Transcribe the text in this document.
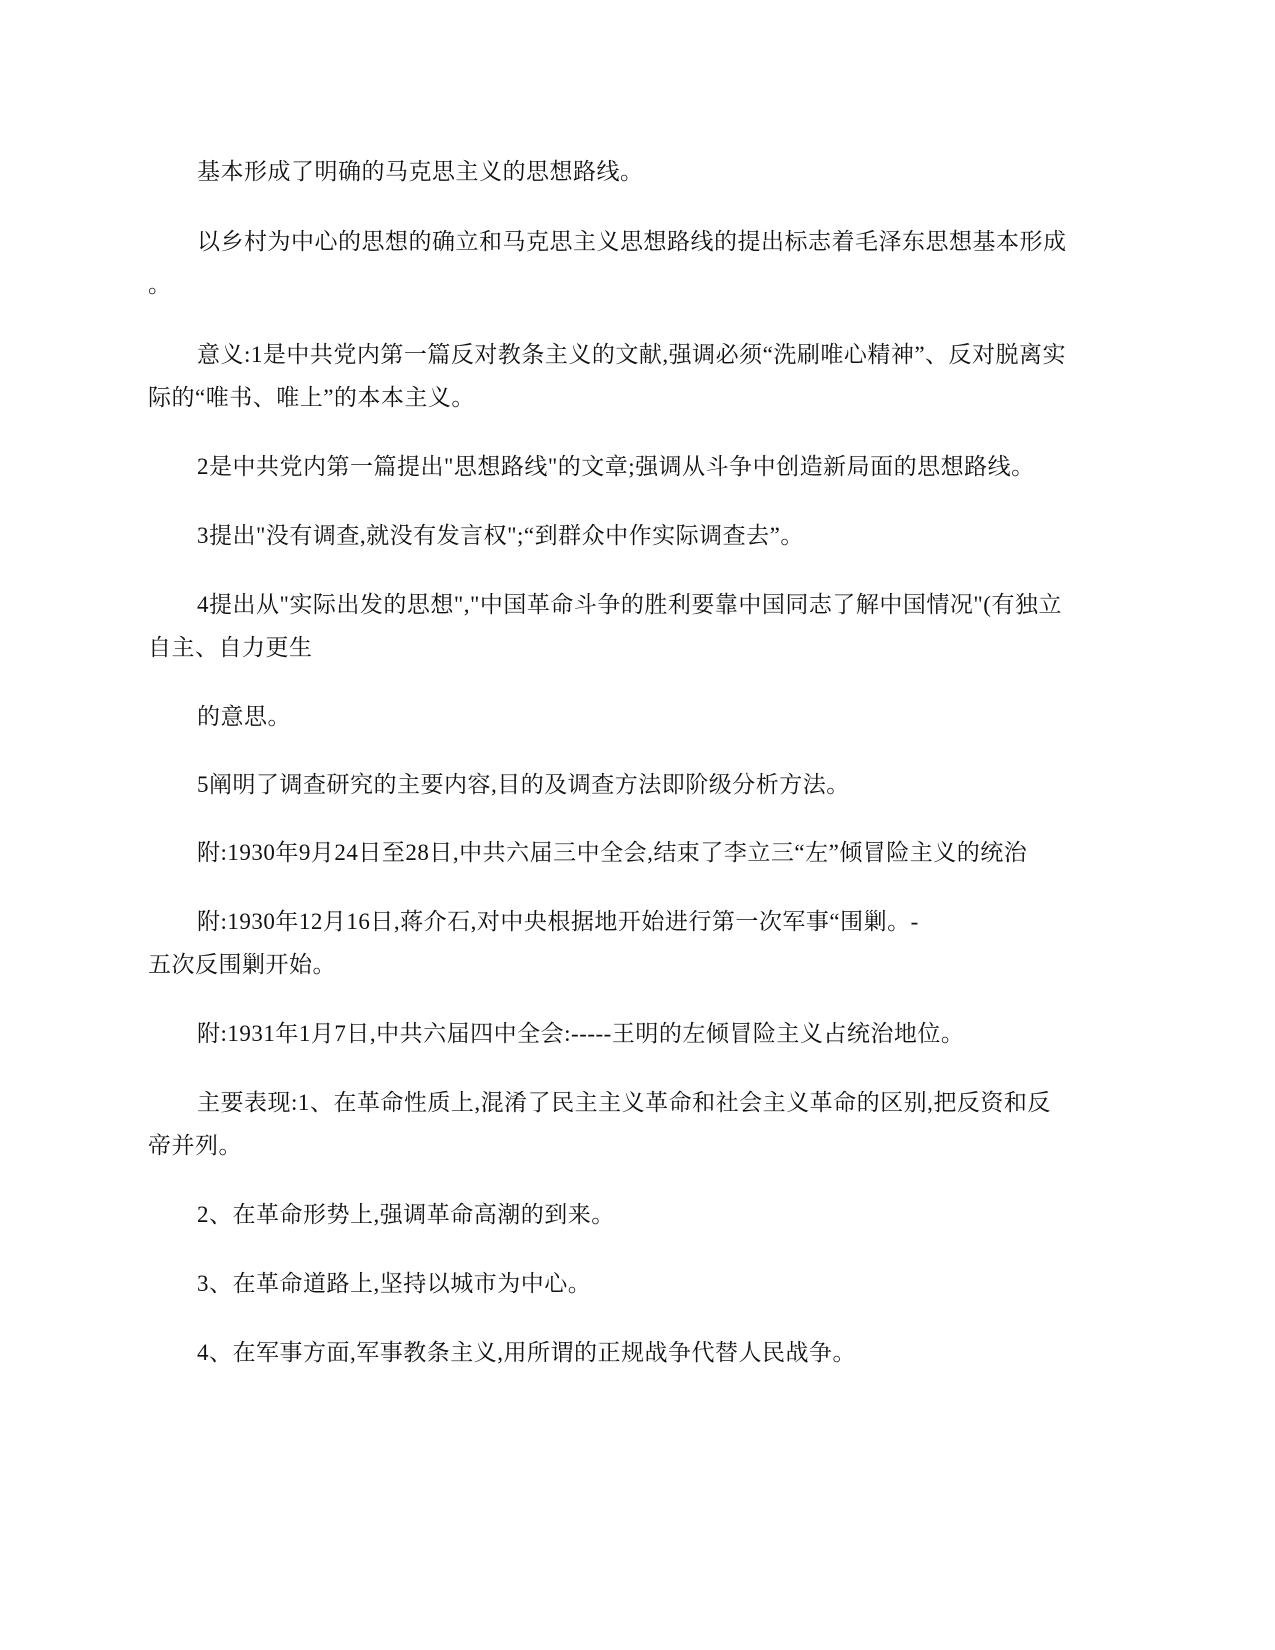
基本形成了明确的马克思主义的思想路线。
以乡村为中心的思想的确立和马克思主义思想路线的提出标志着毛泽东思想基本形成
。
意义:1是中共党内第一篇反对教条主义的文献,强调必须“洗刷唯心精神”、反对脱离实
际的“唯书、唯上”的本本主义。
2是中共党内第一篇提出"思想路线"的文章;强调从斗争中创造新局面的思想路线。
3提出"没有调查,就没有发言权";“到群众中作实际调查去”。
4提出从"实际出发的思想","中国革命斗争的胜利要靠中国同志了解中国情况"(有独立
自主、自力更生
的意思。
5阐明了调查研究的主要内容,目的及调查方法即阶级分析方法。
附:1930年9月24日至28日,中共六届三中全会,结束了李立三“左”倾冒险主义的统治
附:1930年12月16日,蒋介石,对中央根据地开始进行第一次军事“围剿。-
五次反围剿开始。
附:1931年1月7日,中共六届四中全会:-----王明的左倾冒险主义占统治地位。
主要表现:1、在革命性质上,混淆了民主主义革命和社会主义革命的区别,把反资和反
帝并列。
2、在革命形势上,强调革命高潮的到来。
3、在革命道路上,坚持以城市为中心。
4、在军事方面,军事教条主义,用所谓的正规战争代替人民战争。
